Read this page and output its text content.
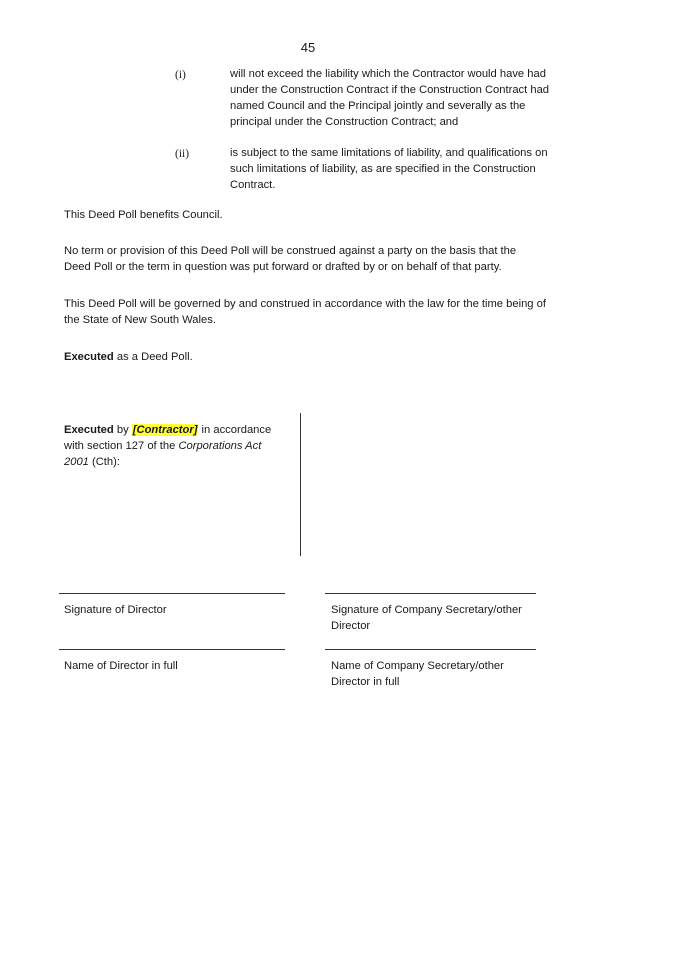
45
(i)	will not exceed the liability which the Contractor would have had under the Construction Contract if the Construction Contract had named Council and the Principal jointly and severally as the principal under the Construction Contract; and
(ii)	is subject to the same limitations of liability, and qualifications on such limitations of liability, as are specified in the Construction Contract.
This Deed Poll benefits Council.
No term or provision of this Deed Poll will be construed against a party on the basis that the Deed Poll or the term in question was put forward or drafted by or on behalf of that party.
This Deed Poll will be governed by and construed in accordance with the law for the time being of the State of New South Wales.
Executed as a Deed Poll.
Executed by [Contractor] in accordance with section 127 of the Corporations Act 2001 (Cth):
Signature of Director	Signature of Company Secretary/other Director
Name of Director in full	Name of Company Secretary/other Director in full
